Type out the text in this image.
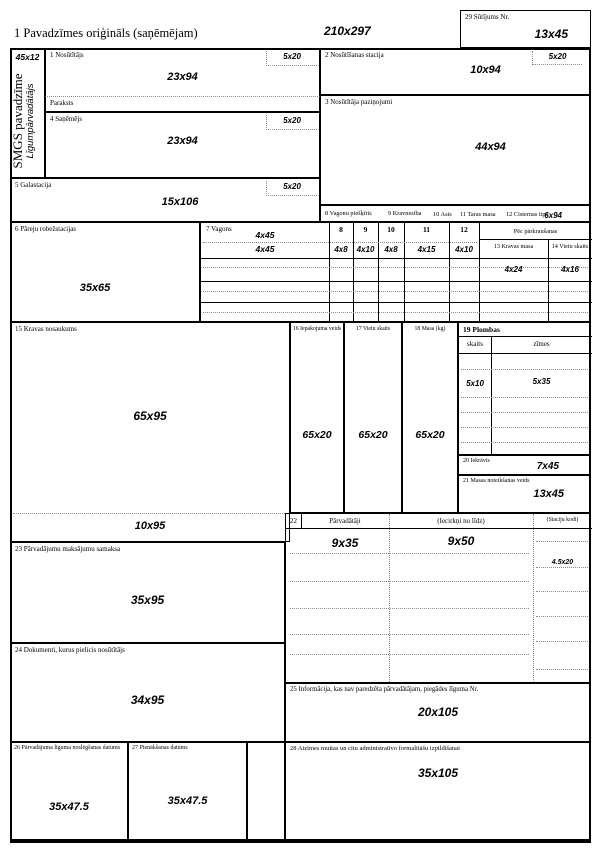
1 Pavadzīmes oriģināls (saņēmējam)	210x297
29 Sūtījums Nr.
13x45
45x12
SMGS pavadzīme Līgumpārvadātājs
1 Nosūtītājs	5x20
23x94
Paraksts
4 Saņēmējs	5x20
23x94
2 Nosūtīšanas stacija	5x20
10x94
3 Nosūtītāja paziņojumi
44x94
5 Galastacija	5x20
15x106
8 Vagonu piešķīris	9 Kravnesība 10 Asis 11 Taras masa 12 Cisternas tips
6x94
6 Pāreju robežstacijas
35x65
7 Vagons
4x45
4x45
8	9	10	11	12
4x8	4x10	4x8	4x15	4x10
Pēc pārkraušanas
13 Kravas masa	14 Vietu skaits
4x24	4x16
15 Kravas nosaukums
65x95
10x95
16 Iepakojuma veids
65x20
17 Vietu skaits
65x20
18 Masa (kg)
65x20
19 Plombas
skaits	zīmes
5x10	5x35
20 Iekrāvis	7x45
21 Masas noteikšanas veids
13x45
22	Pārvadātāji	(Iecirkņi no līdz)	(Staciju kodi)
9x35	9x50
4.5x20
23 Pārvadājumu maksājumu samaksa
35x95
24 Dokumenti, kurus pielicis nosūtītājs
34x95
25 Informācija, kas nav paredzēta pārvadātājam, piegādes līguma Nr.
20x105
26 Pārvadājuma līguma noslēgšanas datums
35x47.5
27 Pienākšanas datums
35x47.5
28 Atzīmes muitas un citu administratīvo formalitāšu izpildīšanai
35x105
